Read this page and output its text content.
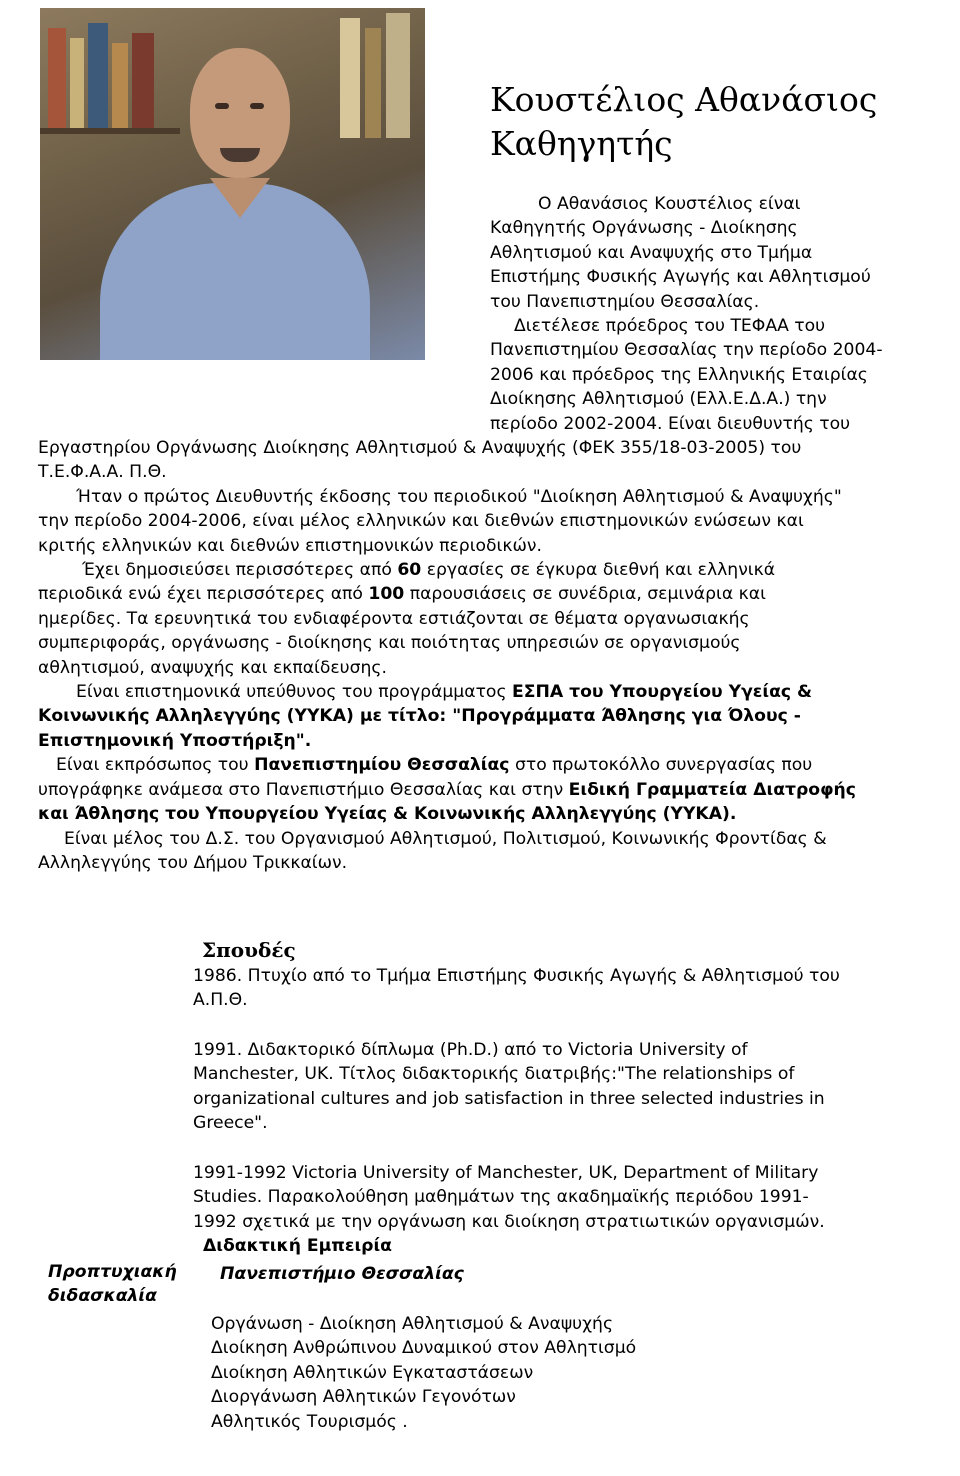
Κουστέλιος Αθανάσιος
Καθηγητής
Ο Αθανάσιος Κουστέλιος είναι
Καθηγητής Οργάνωσης - Διοίκησης
Αθλητισμού και Αναψυχής στο Τμήμα
Επιστήμης Φυσικής Αγωγής και Αθλητισμού
του Πανεπιστημίου Θεσσαλίας.
Διετέλεσε πρόεδρος του ΤΕΦΑΑ του
Πανεπιστημίου Θεσσαλίας την περίοδο 2004-
2006 και πρόεδρος της Ελληνικής Εταιρίας
Διοίκησης Αθλητισμού (Ελλ.Ε.Δ.Α.) την
περίοδο 2002-2004. Είναι διευθυντής του
Εργαστηρίου Οργάνωσης Διοίκησης Αθλητισμού & Αναψυχής (ΦΕΚ 355/18-03-2005) του
Τ.Ε.Φ.Α.Α. Π.Θ.
Ήταν ο πρώτος Διευθυντής έκδοσης του περιοδικού "Διοίκηση Αθλητισμού & Αναψυχής"
την περίοδο 2004-2006, είναι μέλος ελληνικών και διεθνών επιστημονικών ενώσεων και
κριτής ελληνικών και διεθνών επιστημονικών περιοδικών.
Έχει δημοσιεύσει περισσότερες από 60 εργασίες σε έγκυρα διεθνή και ελληνικά
περιοδικά ενώ έχει περισσότερες από 100 παρουσιάσεις σε συνέδρια, σεμινάρια και
ημερίδες. Τα ερευνητικά του ενδιαφέροντα εστιάζονται σε θέματα οργανωσιακής
συμπεριφοράς, οργάνωσης - διοίκησης και ποιότητας υπηρεσιών σε οργανισμούς
αθλητισμού, αναψυχής και εκπαίδευσης.
Είναι επιστημονικά υπεύθυνος του προγράμματος ΕΣΠΑ του Υπουργείου Υγείας &
Κοινωνικής Αλληλεγγύης (ΥΥΚΑ) με τίτλο: "Προγράμματα Άθλησης για Όλους -
Επιστημονική Υποστήριξη".
Είναι εκπρόσωπος του Πανεπιστημίου Θεσσαλίας στο πρωτοκόλλο συνεργασίας που
υπογράφηκε ανάμεσα στο Πανεπιστήμιο Θεσσαλίας και στην Ειδική Γραμματεία Διατροφής
και Άθλησης του Υπουργείου Υγείας & Κοινωνικής Αλληλεγγύης (ΥΥΚΑ).
Είναι μέλος του Δ.Σ. του Οργανισμού Αθλητισμού, Πολιτισμού, Κοινωνικής Φροντίδας &
Αλληλεγγύης του Δήμου Τρικκαίων.
Σπουδές
1986. Πτυχίο από το Τμήμα Επιστήμης Φυσικής Αγωγής & Αθλητισμού του
Α.Π.Θ.
1991. Διδακτορικό δίπλωμα (Ph.D.) από το Victoria University of
Manchester, UK. Τίτλος διδακτορικής διατριβής:"The relationships of
organizational cultures and job satisfaction in three selected industries in
Greece".
1991-1992 Victoria University of Manchester, UK, Department of Military
Studies. Παρακολούθηση μαθημάτων της ακαδημαϊκής περιόδου 1991-
1992 σχετικά με την οργάνωση και διοίκηση στρατιωτικών οργανισμών.
Διδακτική Εμπειρία
Προπτυχιακή
διδασκαλία
Πανεπιστήμιο Θεσσαλίας
Οργάνωση - Διοίκηση Αθλητισμού & Αναψυχής
Διοίκηση Ανθρώπινου Δυναμικού στον Αθλητισμό
Διοίκηση Αθλητικών Εγκαταστάσεων
Διοργάνωση Αθλητικών Γεγονότων
Αθλητικός Τουρισμός .
